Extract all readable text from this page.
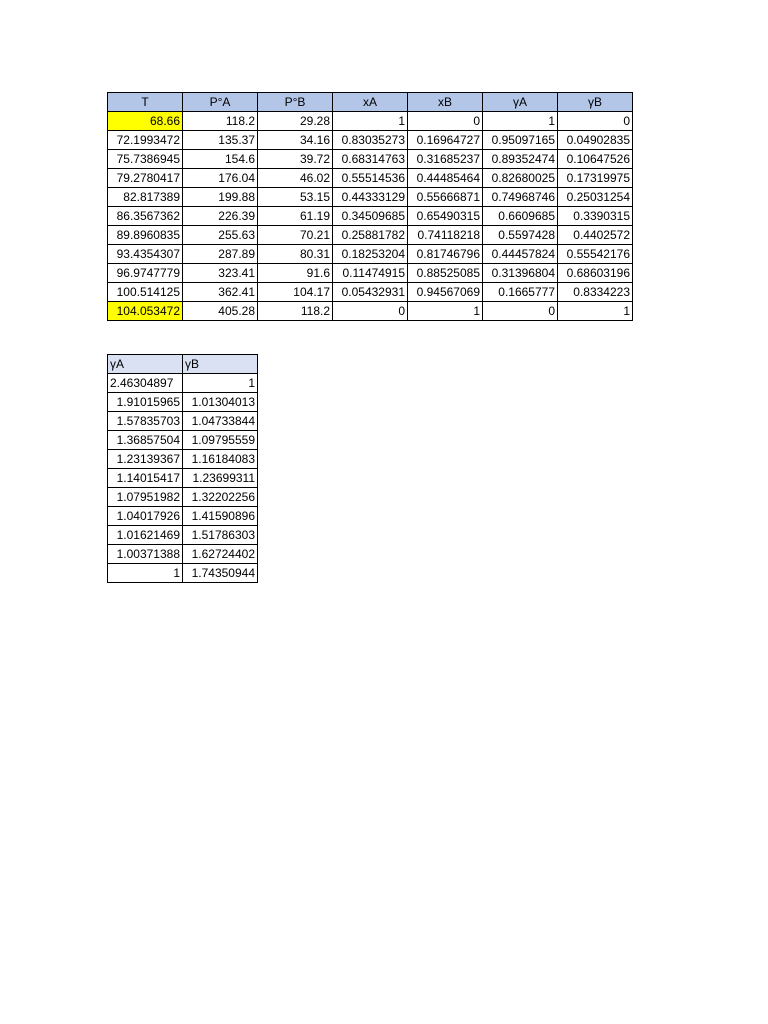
T	P°A	P°B	xA	xB	γA	γB
68.66	118.2	29.28	1	0	1	0
72.1993472	135.37	34.16	0.83035273	0.16964727	0.95097165	0.04902835
75.7386945	154.6	39.72	0.68314763	0.31685237	0.89352474	0.10647526
79.2780417	176.04	46.02	0.55514536	0.44485464	0.82680025	0.17319975
82.817389	199.88	53.15	0.44333129	0.55666871	0.74968746	0.25031254
86.3567362	226.39	61.19	0.34509685	0.65490315	0.6609685	0.3390315
89.8960835	255.63	70.21	0.25881782	0.74118218	0.5597428	0.4402572
93.4354307	287.89	80.31	0.18253204	0.81746796	0.44457824	0.55542176
96.9747779	323.41	91.6	0.11474915	0.88525085	0.31396804	0.68603196
100.514125	362.41	104.17	0.05432931	0.94567069	0.1665777	0.8334223
104.053472	405.28	118.2	0	1	0	1
γA	γB
2.46304897	1
1.91015965	1.01304013
1.57835703	1.04733844
1.36857504	1.09795559
1.23139367	1.16184083
1.14015417	1.23699311
1.07951982	1.32202256
1.04017926	1.41590896
1.01621469	1.51786303
1.00371388	1.62724402
1	1.74350944
